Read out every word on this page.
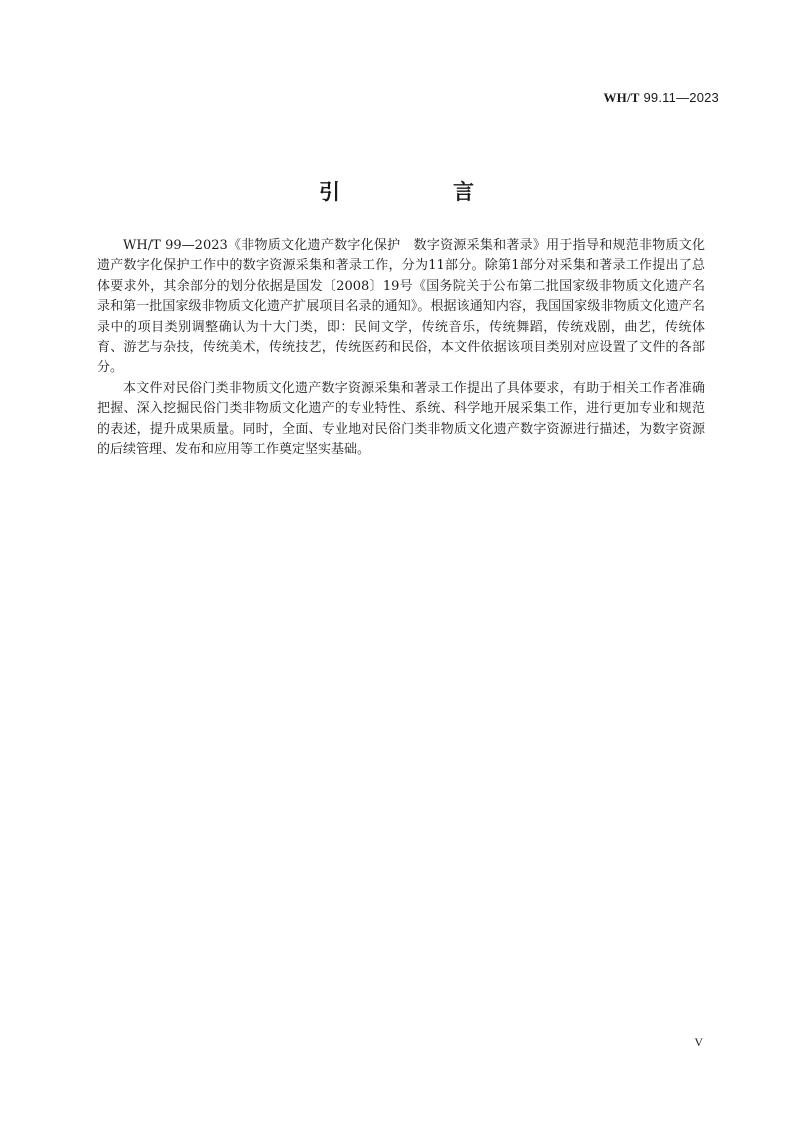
WH/T 99.11—2023
引　言

WH/T 99—2023《非物质文化遗产数字化保护　数字资源采集和著录》用于指导和规范非物质文化遗产数字化保护工作中的数字资源采集和著录工作，分为11部分。除第1部分对采集和著录工作提出了总体要求外，其余部分的划分依据是国发〔2008〕19号《国务院关于公布第二批国家级非物质文化遗产名录和第一批国家级非物质文化遗产扩展项目名录的通知》。根据该通知内容，我国国家级非物质文化遗产名录中的项目类别调整确认为十大门类，即：民间文学，传统音乐，传统舞蹈，传统戏剧，曲艺，传统体育、游艺与杂技，传统美术，传统技艺，传统医药和民俗，本文件依据该项目类别对应设置了文件的各部分。

本文件对民俗门类非物质文化遗产数字资源采集和著录工作提出了具体要求，有助于相关工作者准确把握、深入挖掘民俗门类非物质文化遗产的专业特性、系统、科学地开展采集工作，进行更加专业和规范的表述，提升成果质量。同时，全面、专业地对民俗门类非物质文化遗产数字资源进行描述，为数字资源的后续管理、发布和应用等工作奠定坚实基础。

V
